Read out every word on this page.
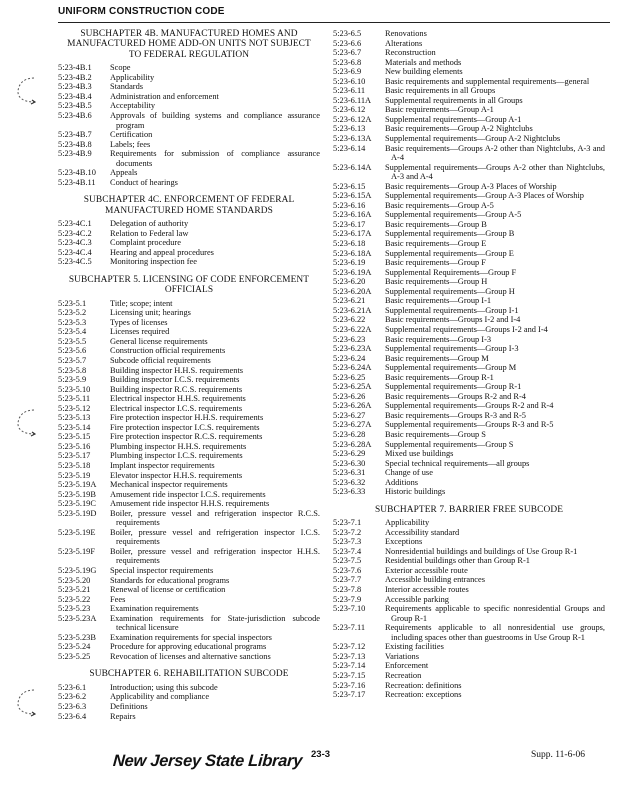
UNIFORM CONSTRUCTION CODE
SUBCHAPTER 4B. MANUFACTURED HOMES AND MANUFACTURED HOME ADD-ON UNITS NOT SUBJECT TO FEDERAL REGULATION
5:23-4B.1	Scope
5:23-4B.2	Applicability
5:23-4B.3	Standards
5:23-4B.4	Administration and enforcement
5:23-4B.5	Acceptability
5:23-4B.6	Approvals of building systems and compliance assurance program
5:23-4B.7	Certification
5:23-4B.8	Labels; fees
5:23-4B.9	Requirements for submission of compliance assurance documents
5:23-4B.10	Appeals
5:23-4B.11	Conduct of hearings
SUBCHAPTER 4C. ENFORCEMENT OF FEDERAL MANUFACTURED HOME STANDARDS
5:23-4C.1	Delegation of authority
5:23-4C.2	Relation to Federal law
5:23-4C.3	Complaint procedure
5:23-4C.4	Hearing and appeal procedures
5:23-4C.5	Monitoring inspection fee
SUBCHAPTER 5. LICENSING OF CODE ENFORCEMENT OFFICIALS
5:23-5.1	Title; scope; intent
5:23-5.2	Licensing unit; hearings
5:23-5.3	Types of licenses
5:23-5.4	Licenses required
5:23-5.5	General license requirements
5:23-5.6	Construction official requirements
5:23-5.7	Subcode official requirements
5:23-5.8	Building inspector H.H.S. requirements
5:23-5.9	Building inspector I.C.S. requirements
5:23-5.10	Building inspector R.C.S. requirements
5:23-5.11	Electrical inspector H.H.S. requirements
5:23-5.12	Electrical inspector I.C.S. requirements
5:23-5.13	Fire protection inspector H.H.S. requirements
5:23-5.14	Fire protection inspector I.C.S. requirements
5:23-5.15	Fire protection inspector R.C.S. requirements
5:23-5.16	Plumbing inspector H.H.S. requirements
5:23-5.17	Plumbing inspector I.C.S. requirements
5:23-5.18	Implant inspector requirements
5:23-5.19	Elevator inspector H.H.S. requirements
5:23-5.19A	Mechanical inspector requirements
5:23-5.19B	Amusement ride inspector I.C.S. requirements
5:23-5.19C	Amusement ride inspector H.H.S. requirements
5:23-5.19D	Boiler, pressure vessel and refrigeration inspector R.C.S. requirements
5:23-5.19E	Boiler, pressure vessel and refrigeration inspector I.C.S. requirements
5:23-5.19F	Boiler, pressure vessel and refrigeration inspector H.H.S. requirements
5:23-5.19G	Special inspector requirements
5:23-5.20	Standards for educational programs
5:23-5.21	Renewal of license or certification
5:23-5.22	Fees
5:23-5.23	Examination requirements
5:23-5.23A	Examination requirements for State-jurisdiction subcode technical licensure
5:23-5.23B	Examination requirements for special inspectors
5:23-5.24	Procedure for approving educational programs
5:23-5.25	Revocation of licenses and alternative sanctions
SUBCHAPTER 6. REHABILITATION SUBCODE
5:23-6.1	Introduction; using this subcode
5:23-6.2	Applicability and compliance
5:23-6.3	Definitions
5:23-6.4	Repairs
5:23-6.5	Renovations
5:23-6.6	Alterations
5:23-6.7	Reconstruction
5:23-6.8	Materials and methods
5:23-6.9	New building elements
5:23-6.10	Basic requirements and supplemental requirements—general
5:23-6.11	Basic requirements in all Groups
5:23-6.11A	Supplemental requirements in all Groups
5:23-6.12	Basic requirements—Group A-1
5:23-6.12A	Supplemental requirements—Group A-1
5:23-6.13	Basic requirements—Group A-2 Nightclubs
5:23-6.13A	Supplemental requirements—Group A-2 Nightclubs
5:23-6.14	Basic requirements—Groups A-2 other than Nightclubs, A-3 and A-4
5:23-6.14A	Supplemental requirements—Groups A-2 other than Nightclubs, A-3 and A-4
5:23-6.15	Basic requirements—Group A-3 Places of Worship
5:23-6.15A	Supplemental requirements—Group A-3 Places of Worship
5:23-6.16	Basic requirements—Group A-5
5:23-6.16A	Supplemental requirements—Group A-5
5:23-6.17	Basic requirements—Group B
5:23-6.17A	Supplemental requirements—Group B
5:23-6.18	Basic requirements—Group E
5:23-6.18A	Supplemental requirements—Group E
5:23-6.19	Basic requirements—Group F
5:23-6.19A	Supplemental Requirements—Group F
5:23-6.20	Basic requirements—Group H
5:23-6.20A	Supplemental requirements—Group H
5:23-6.21	Basic requirements—Group I-1
5:23-6.21A	Supplemental requirements—Group I-1
5:23-6.22	Basic requirements—Groups I-2 and I-4
5:23-6.22A	Supplemental requirements—Groups I-2 and I-4
5:23-6.23	Basic requirements—Group I-3
5:23-6.23A	Supplemental requirements—Group I-3
5:23-6.24	Basic requirements—Group M
5:23-6.24A	Supplemental requirements—Group M
5:23-6.25	Basic requirements—Group R-1
5:23-6.25A	Supplemental requirements—Group R-1
5:23-6.26	Basic requirements—Groups R-2 and R-4
5:23-6.26A	Supplemental requirements—Groups R-2 and R-4
5:23-6.27	Basic requirements—Groups R-3 and R-5
5:23-6.27A	Supplemental requirements—Groups R-3 and R-5
5:23-6.28	Basic requirements—Group S
5:23-6.28A	Supplemental requirements—Group S
5:23-6.29	Mixed use buildings
5:23-6.30	Special technical requirements—all groups
5:23-6.31	Change of use
5:23-6.32	Additions
5:23-6.33	Historic buildings
SUBCHAPTER 7. BARRIER FREE SUBCODE
5:23-7.1	Applicability
5:23-7.2	Accessibility standard
5:23-7.3	Exceptions
5:23-7.4	Nonresidential buildings and buildings of Use Group R-1
5:23-7.5	Residential buildings other than Group R-1
5:23-7.6	Exterior accessible route
5:23-7.7	Accessible building entrances
5:23-7.8	Interior accessible routes
5:23-7.9	Accessible parking
5:23-7.10	Requirements applicable to specific nonresidential Groups and Group R-1
5:23-7.11	Requirements applicable to all nonresidential use groups, including spaces other than guestrooms in Use Group R-1
5:23-7.12	Existing facilities
5:23-7.13	Variations
5:23-7.14	Enforcement
5:23-7.15	Recreation
5:23-7.16	Recreation: definitions
5:23-7.17	Recreation: exceptions
New Jersey State Library 23-3	Supp. 11-6-06
